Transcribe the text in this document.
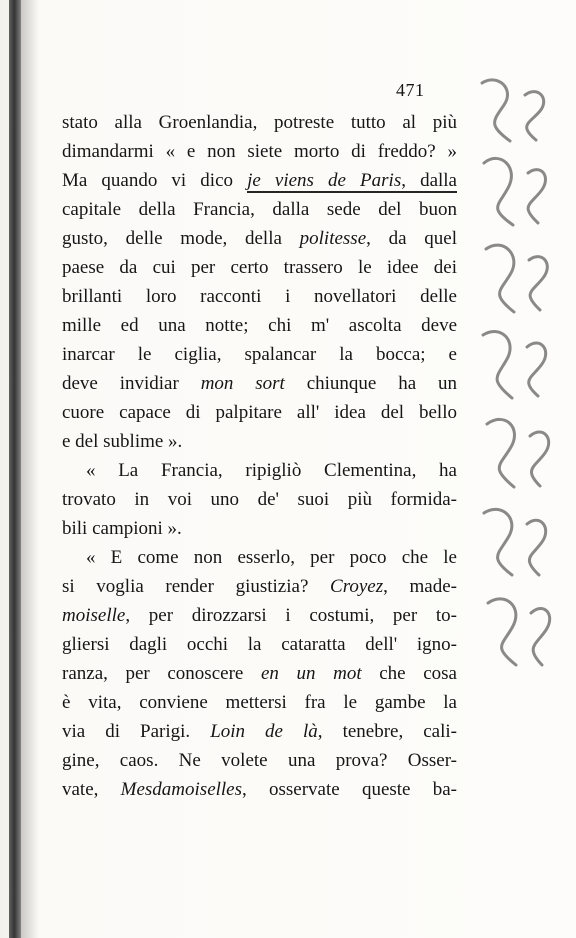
471
stato alla Groenlandia, potreste tutto al più
dimandarmi « e non siete morto di freddo? »
Ma quando vi dico je viens de Paris, dalla
capitale della Francia, dalla sede del buon
gusto, delle mode, della politesse, da quel
paese da cui per certo trassero le idee dei
brillanti loro racconti i novellatori delle
mille ed una notte; chi m' ascolta deve
inarcar le ciglia, spalancar la bocca; e
deve invidiar mon sort chiunque ha un
cuore capace di palpitare all' idea del bello
e del sublime ».
« La Francia, ripigliò Clementina, ha
trovato in voi uno de' suoi più formida-
bili campioni ».
« E come non esserlo, per poco che le
si voglia render giustizia? Croyez, made-
moiselle, per dirozzarsi i costumi, per to-
gliersi dagli occhi la cataratta dell' igno-
ranza, per conoscere en un mot che cosa
è vita, conviene mettersi fra le gambe la
via di Parigi. Loin de là, tenebre, cali-
gine, caos. Ne volete una prova? Osser-
vate, Mesdamoiselles, osservate queste ba-
